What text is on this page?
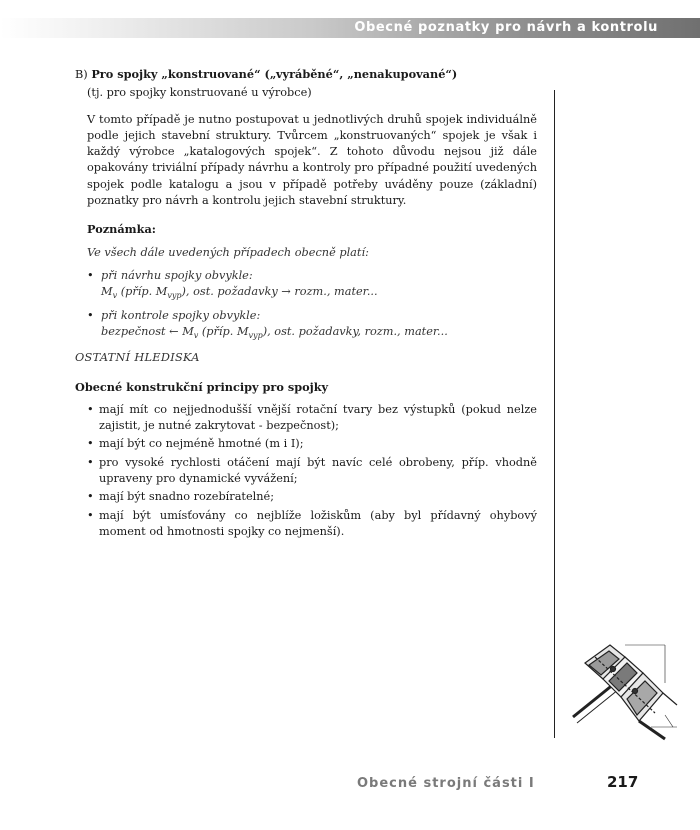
Obecné poznatky pro návrh a kontrolu

B) Pro spojky „konstruované“ („vyráběné“, „nenakupované“)

(tj. pro spojky konstruované u výrobce)

V tomto případě je nutno postupovat u jednotlivých druhů spojek individuálně podle jejich stavební struktury. Tvůrcem „konstruovaných“ spojek je však i každý výrobce „katalogových spojek“. Z tohoto důvodu nejsou již dále opakovány triviální případy návrhu a kontroly pro případné použití uvedených spojek podle katalogu a jsou v případě potřeby uváděny pouze (základní) poznatky pro návrh a kontrolu jejich stavební struktury.

Poznámka:

Ve všech dále uvedených případech obecně platí:

• při návrhu spojky obvykle:
$M_v$ (příp. $M_{vyp}$), ost. požadavky → rozm., mater...
• při kontrole spojky obvykle:
bezpečnost ← $M_v$ (příp. $M_{vyp}$), ost. požadavky, rozm., mater...

OSTATNÍ HLEDISKA

Obecné konstrukční principy pro spojky

• mají mít co nejjednodušší vnější rotační tvary bez výstupků (pokud nelze zajistit, je nutné zakrytovat - bezpečnost);
• mají být co nejméně hmotné (m i I);
• pro vysoké rychlosti otáčení mají být navíc celé obrobeny, příp. vhodně upraveny pro dynamické vyvážení;
• mají být snadno rozebíratelné;
• mají být umísťovány co nejblíže ložiskům (aby byl přídavný ohybový moment od hmotnosti spojky co nejmenší).
Obecné strojní části I	217
